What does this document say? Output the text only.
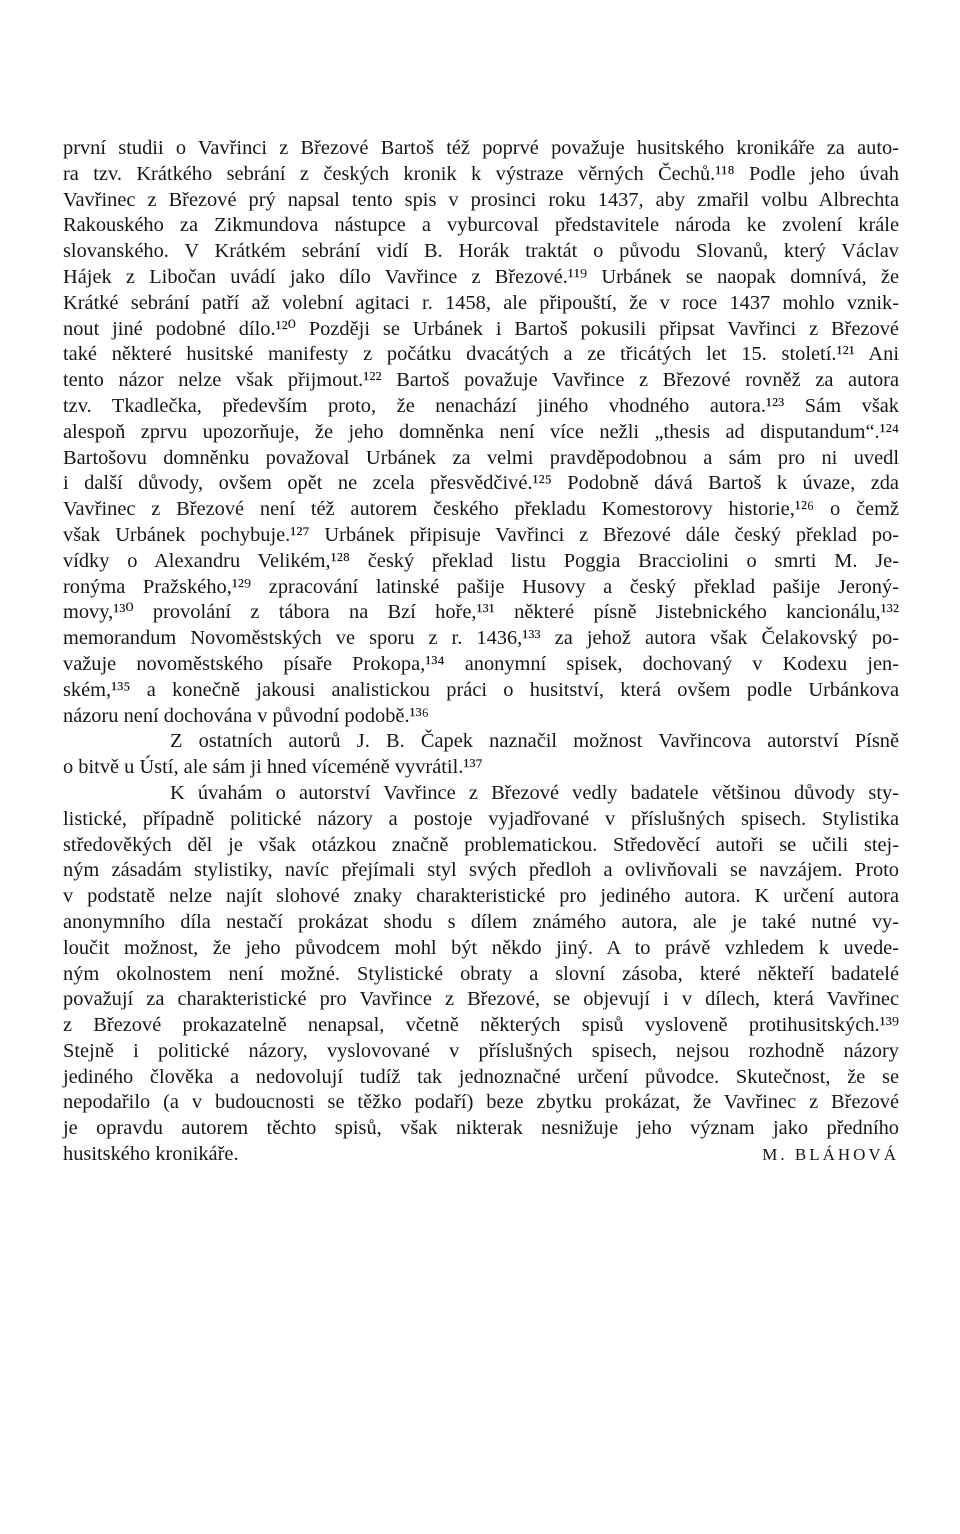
první studii o Vavřinci z Březové Bartoš též poprvé považuje husitského kronikáře za auto-
ra tzv. Krátkého sebrání z českých kronik k výstraze věrných Čechů.¹¹⁸ Podle jeho úvah
Vavřinec z Březové prý napsal tento spis v prosinci roku 1437, aby zmařil volbu Albrechta
Rakouského za Zikmundova nástupce a vyburcoval představitele národa ke zvolení krále
slovanského. V Krátkém sebrání vidí B. Horák traktát o původu Slovanů, který Václav
Hájek z Libočan uvádí jako dílo Vavřince z Březové.¹¹⁹ Urbánek se naopak domnívá, že
Krátké sebrání patří až volební agitaci r. 1458, ale připouští, že v roce 1437 mohlo vznik-
nout jiné podobné dílo.¹²⁰ Později se Urbánek i Bartoš pokusili připsat Vavřinci z Březové
také některé husitské manifesty z počátku dvacátých a ze třicátých let 15. století.¹²¹ Ani
tento názor nelze však přijmout.¹²² Bartoš považuje Vavřince z Březové rovněž za autora
tzv. Tkadlečka, především proto, že nenachází jiného vhodného autora.¹²³ Sám však
alespoň zprvu upozorňuje, že jeho domněnka není více nežli „thesis ad disputandum“.¹²⁴
Bartošovu domněnku považoval Urbánek za velmi pravděpodobnou a sám pro ni uvedl
i další důvody, ovšem opět ne zcela přesvědčivé.¹²⁵ Podobně dává Bartoš k úvaze, zda
Vavřinec z Březové není též autorem českého překladu Komestorovy historie,¹²⁶ o čemž
však Urbánek pochybuje.¹²⁷ Urbánek připisuje Vavřinci z Březové dále český překlad po-
vídky o Alexandru Velikém,¹²⁸ český překlad listu Poggia Bracciolini o smrti M. Je-
ronýma Pražského,¹²⁹ zpracování latinské pašije Husovy a český překlad pašije Jeroný-
movy,¹³⁰ provolání z tábora na Bzí hoře,¹³¹ některé písně Jistebnického kancionálu,¹³²
memorandum Novoměstských ve sporu z r. 1436,¹³³ za jehož autora však Čelakovský po-
važuje novoměstského písaře Prokopa,¹³⁴ anonymní spisek, dochovaný v Kodexu jen-
ském,¹³⁵ a konečně jakousi analistickou práci o husitství, která ovšem podle Urbánkova
názoru není dochována v původní podobě.¹³⁶
Z ostatních autorů J. B. Čapek naznačil možnost Vavřincova autorství Písně
o bitvě u Ústí, ale sám ji hned víceméně vyvrátil.¹³⁷
K úvahám o autorství Vavřince z Březové vedly badatele většinou důvody sty-
listické, případně politické názory a postoje vyjadřované v příslušných spisech. Stylistika
středověkých děl je však otázkou značně problematickou. Středověcí autoři se učili stej-
ným zásadám stylistiky, navíc přejímali styl svých předloh a ovlivňovali se navzájem. Proto
v podstatě nelze najít slohové znaky charakteristické pro jediného autora. K určení autora
anonymního díla nestačí prokázat shodu s dílem známého autora, ale je také nutné vy-
loučit možnost, že jeho původcem mohl být někdo jiný. A to právě vzhledem k uvede-
ným okolnostem není možné. Stylistické obraty a slovní zásoba, které někteří badatelé
považují za charakteristické pro Vavřince z Březové, se objevují i v dílech, která Vavřinec
z Březové prokazatelně nenapsal, včetně některých spisů vysloveně protihusitských.¹³⁹
Stejně i politické názory, vyslovované v příslušných spisech, nejsou rozhodně názory
jediného člověka a nedovolují tudíž tak jednoznačné určení původce. Skutečnost, že se
nepodařilo (a v budoucnosti se těžko podaří) beze zbytku prokázat, že Vavřinec z Březové
je opravdu autorem těchto spisů, však nikterak nesnižuje jeho význam jako předního
husitského kronikáře.	M. BLÁHOVÁ
